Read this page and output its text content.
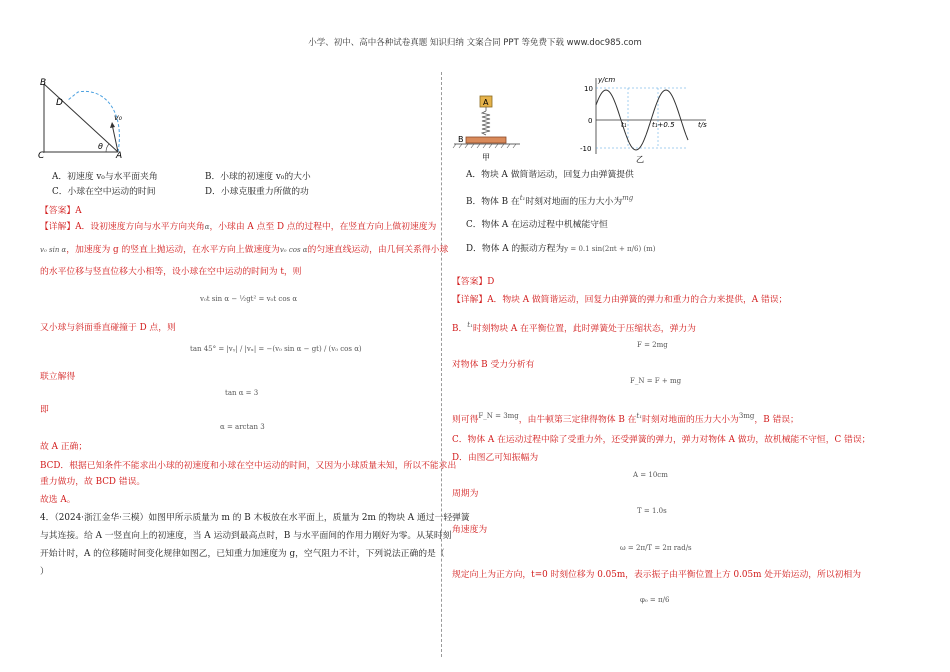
小学、初中、高中各种试卷真题 知识归纳 文案合同 PPT 等免费下载 www.doc985.com
B
C	A
D
θ
v₀
A．初速度 v₀与水平面夹角	B．小球的初速度 v₀的大小
C．小球在空中运动的时间	D．小球克服重力所做的功
【答案】A
【详解】A．设初速度方向与水平方向夹角α，小球由 A 点至 D 点的过程中，在竖直方向上做初速度为
v₀ sin α，加速度为 g 的竖直上抛运动，在水平方向上做速度为v₀ cos α的匀速直线运动，由几何关系得小球
的水平位移与竖直位移大小相等，设小球在空中运动的时间为 t，则
v₀t sin α − ½gt² = v₀t cos α
又小球与斜面垂直碰撞于 D 点，则
tan 45° = |vᵧ| / |vₓ| = −(v₀ sin α − gt) / (v₀ cos α)
联立解得
tan α = 3
即
α = arctan 3
故 A 正确；
BCD．根据已知条件不能求出小球的初速度和小球在空中运动的时间，又因为小球质量未知，所以不能求出
重力做功，故 BCD 错误。
故选 A。
4．（2024·浙江金华·三模）如图甲所示质量为 m 的 B 木板放在水平面上，质量为 2m 的物块 A 通过一轻弹簧
与其连接。给 A 一竖直向上的初速度，当 A 运动到最高点时，B 与水平面间的作用力刚好为零。从某时刻
开始计时，A 的位移随时间变化规律如图乙，已知重力加速度为 g，空气阻力不计，下列说法正确的是（
）
A
B
甲
y/cm
t/s
10
0
-10
t₁	t₁+0.5
乙
A．物块 A 做简谐运动，回复力由弹簧提供
B．物体 B 在$^{t_1}$时刻对地面的压力大小为$^{mg}$
C．物体 A 在运动过程中机械能守恒
D．物体 A 的振动方程为y = 0.1 sin(2πt + π/6) (m)
【答案】D
【详解】A．物块 A 做简谐运动，回复力由弹簧的弹力和重力的合力来提供，A 错误；
B．$^{t_1}$时刻物块 A 在平衡位置，此时弹簧处于压缩状态，弹力为
F = 2mg
对物体 B 受力分析有
F_N = F + mg
则可得$^{F\_N = 3mg}$，由牛顿第三定律得物体 B 在$^{t_1}$时刻对地面的压力大小为$^{3mg}$，B 错误；
C．物体 A 在运动过程中除了受重力外，还受弹簧的弹力，弹力对物体 A 做功，故机械能不守恒，C 错误；
D．由图乙可知振幅为
A = 10cm
周期为
T = 1.0s
角速度为
ω = 2π/T = 2π rad/s
规定向上为正方向，t=0 时刻位移为 0.05m，表示振子由平衡位置上方 0.05m 处开始运动，所以初相为
φ₀ = π/6
